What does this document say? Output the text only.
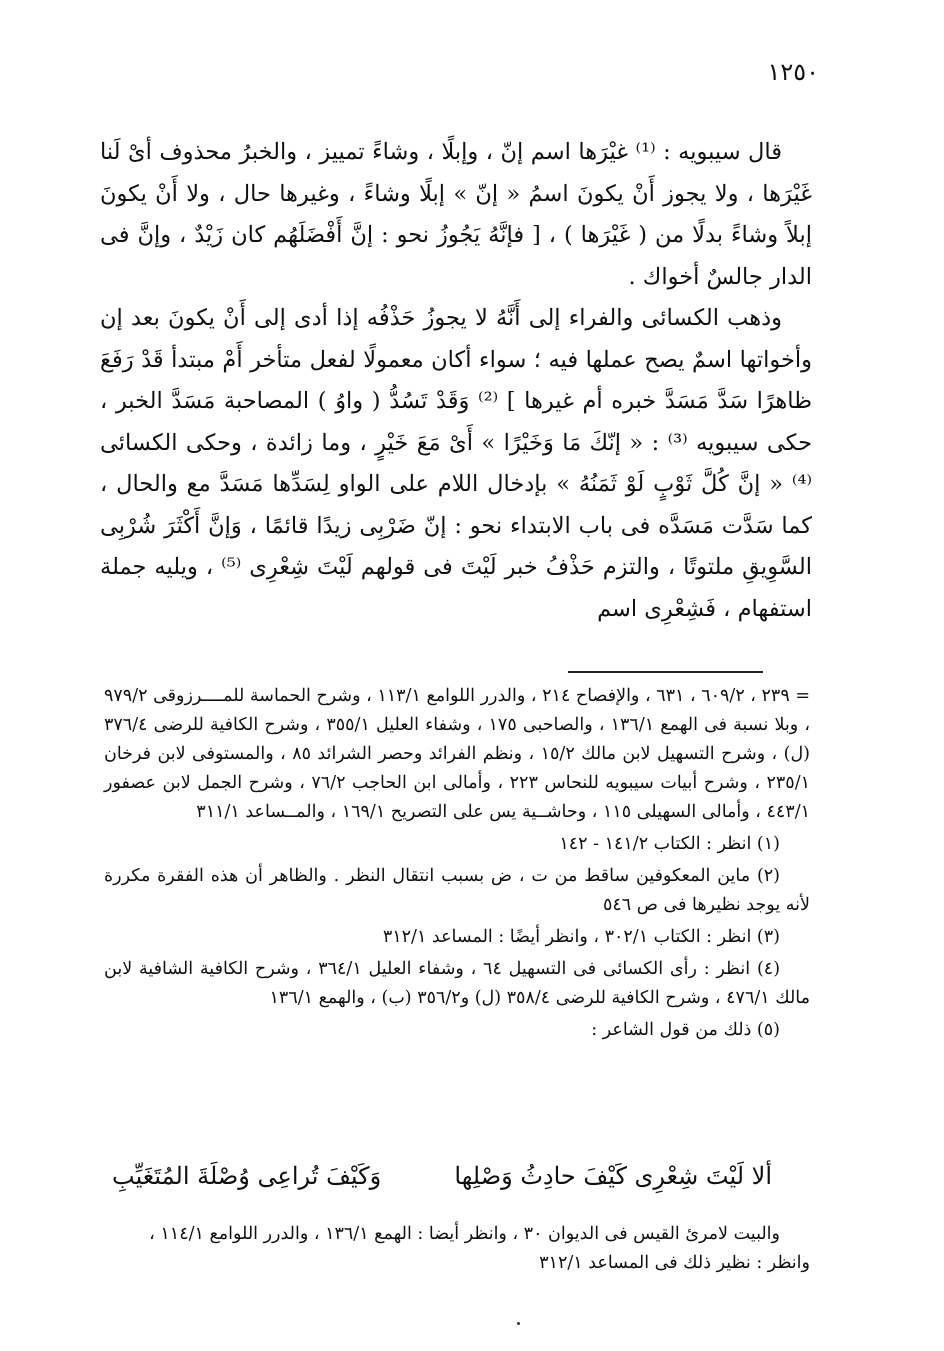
١٢٥٠

قال سيبويه : ⁽¹⁾ غيْرَها اسم إنّ ، وإبلًا ، وشاءً تمييز ، والخبرُ محذوف أىْ لَنا غَيْرَها ، ولا يجوز أَنْ يكونَ اسمُ « إنّ » إبلًا وشاءً ، وغيرها حال ، ولا أَنْ يكونَ إبلاً وشاءً بدلًا من ( غَيْرَها ) ، [ فإنَّهُ يَجُوزُ نحو : إنَّ أَفْضَلَهُم كان زَيْدٌ ، وإنَّ فى الدار جالسٌ أخواك .

وذهب الكسائى والفراء إلى أَنَّهُ لا يجوزُ حَذْفُه إذا أدى إلى أَنْ يكونَ بعد إن وأخواتها اسمٌ يصح عملها فيه ؛ سواء أكان معمولًا لفعل متأخر أَمْ مبتدأ قَدْ رَفَعَ ظاهرًا سَدَّ مَسَدَّ خبره أم غيرها ] ⁽²⁾ وَقَدْ تَسُدُّ ( واوُ ) المصاحبة مَسَدَّ الخبر ، حكى سيبويه ⁽³⁾ : « إنّكَ مَا وَخَيْرًا » أَىْ مَعَ خَيْرٍ ، وما زائدة ، وحكى الكسائى ⁽⁴⁾ « إنَّ كُلَّ ثَوْبٍ لَوْ ثَمَنُهُ » بإدخال اللام على الواو لِسَدِّها مَسَدَّ مع والحال ، كما سَدَّت مَسَدَّه فى باب الابتداء نحو : إنّ ضَرْبِى زيدًا قائمًا ، وَإنَّ أَكْثَرَ شُرْبِى السَّوِيقِ ملتوتًا ، والتزم حَذْفُ خبر لَيْتَ فى قولهم لَيْتَ شِعْرِى ⁽⁵⁾ ، ويليه جملة استفهام ، فَشِعْرِى اسم

= ٢٣٩ ، ٦٠٩/٢ ، ٦٣١ ، والإفصاح ٢١٤ ، والدرر اللوامع ١١٣/١ ، وشرح الحماسة للمــــرزوقى ٩٧٩/٢ ، وبلا نسبة فى الهمع ١٣٦/١ ، والصاحبى ١٧٥ ، وشفاء العليل ٣٥٥/١ ، وشرح الكافية للرضى ٣٧٦/٤ (ل) ، وشرح التسهيل لابن مالك ١٥/٢ ، ونظم الفرائد وحصر الشرائد ٨٥ ، والمستوفى لابن فرخان ٢٣٥/١ ، وشرح أبيات سيبويه للنحاس ٢٢٣ ، وأمالى ابن الحاجب ٧٦/٢ ، وشرح الجمل لابن عصفور ٤٤٣/١ ، وأمالى السهيلى ١١٥ ، وحاشــية يس على التصريح ١٦٩/١ ، والمــساعد ٣١١/١

(١) انظر : الكتاب ١٤١/٢ - ١٤٢

(٢) ماين المعكوفين ساقط من ت ، ض بسبب انتقال النظر . والظاهر أن هذه الفقرة مكررة لأنه يوجد نظيرها فى ص ٥٤٦

(٣) انظر : الكتاب ٣٠٢/١ ، وانظر أيضًا : المساعد ٣١٢/١

(٤) انظر : رأى الكسائى فى التسهيل ٦٤ ، وشفاء العليل ٣٦٤/١ ، وشرح الكافية الشافية لابن مالك ٤٧٦/١ ، وشرح الكافية للرضى ٣٥٨/٤ (ل) و٣٥٦/٢ (ب) ، والهمع ١٣٦/١

(٥) ذلك من قول الشاعر :

ألا لَيْتَ شِعْرِى كَيْفَ حادِثُ وَصْلِها
وَكَيْفَ تُراعِى وُصْلَةَ المُتَغَيِّبِ

والبيت لامرئ القيس فى الديوان ٣٠ ، وانظر أيضا : الهمع ١٣٦/١ ، والدرر اللوامع ١١٤/١ ،

وانظر : نظير ذلك فى المساعد ٣١٢/١
